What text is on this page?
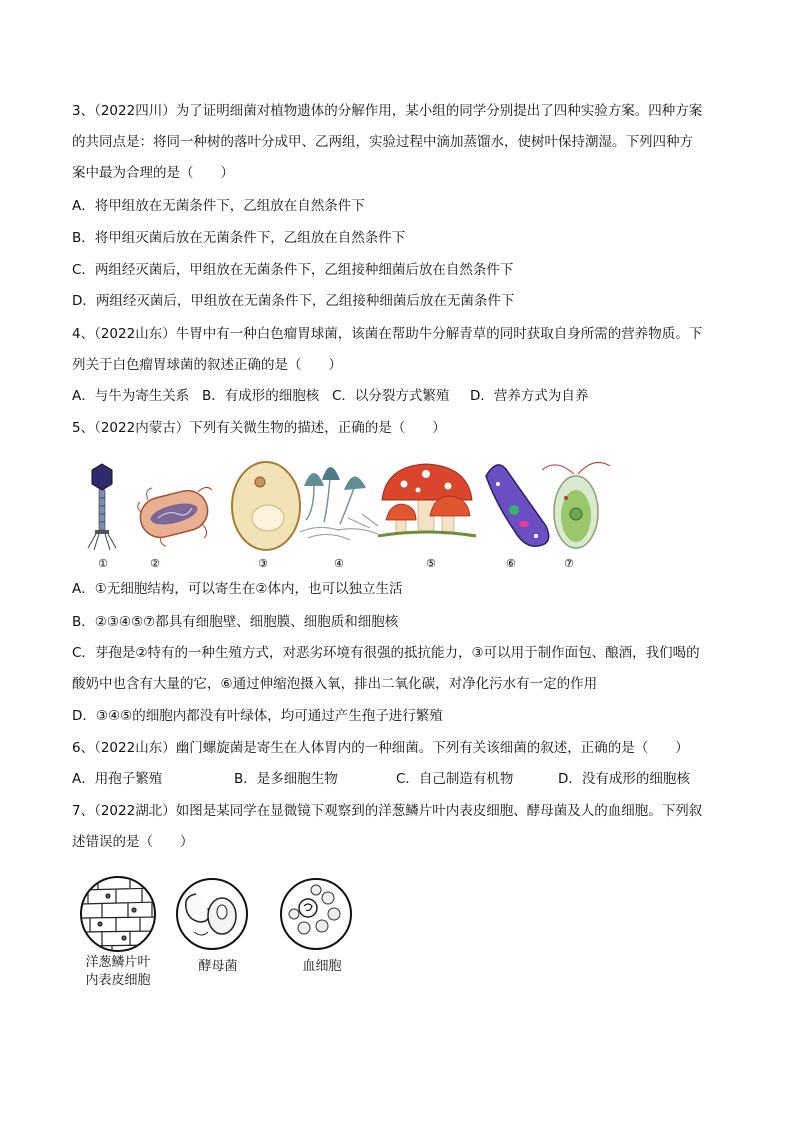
3、（2022四川）为了证明细菌对植物遗体的分解作用，某小组的同学分别提出了四种实验方案。四种方案
的共同点是：将同一种树的落叶分成甲、乙两组，实验过程中滴加蒸馏水，使树叶保持潮湿。下列四种方
案中最为合理的是（　　）
A．将甲组放在无菌条件下，乙组放在自然条件下
B．将甲组灭菌后放在无菌条件下，乙组放在自然条件下
C．两组经灭菌后，甲组放在无菌条件下，乙组接种细菌后放在自然条件下
D．两组经灭菌后，甲组放在无菌条件下，乙组接种细菌后放在无菌条件下
4、（2022山东）牛胃中有一种白色瘤胃球菌，该菌在帮助牛分解青草的同时获取自身所需的营养物质。下
列关于白色瘤胃球菌的叙述正确的是（　　）
A．与牛为寄生关系 B．有成形的细胞核 C．以分裂方式繁殖 D．营养方式为自养
5、（2022内蒙古）下列有关微生物的描述，正确的是（　　）
①	②	③	④	⑤	⑥	⑦
A．①无细胞结构，可以寄生在②体内，也可以独立生活
B．②③④⑤⑦都具有细胞壁、细胞膜、细胞质和细胞核
C．芽孢是②特有的一种生殖方式，对恶劣环境有很强的抵抗能力，③可以用于制作面包、酿酒，我们喝的
酸奶中也含有大量的它，⑥通过伸缩泡摄入氧，排出二氧化碳，对净化污水有一定的作用
D．③④⑤的细胞内都没有叶绿体，均可通过产生孢子进行繁殖
6、（2022山东）幽门螺旋菌是寄生在人体胃内的一种细菌。下列有关该细菌的叙述，正确的是（　　）
A．用孢子繁殖	B．是多细胞生物	C．自己制造有机物	D．没有成形的细胞核
7、（2022湖北）如图是某同学在显微镜下观察到的洋葱鳞片叶内表皮细胞、酵母菌及人的血细胞。下列叙
述错误的是（　　）
洋葱鳞片叶
内表皮细胞
酵母菌	血细胞
